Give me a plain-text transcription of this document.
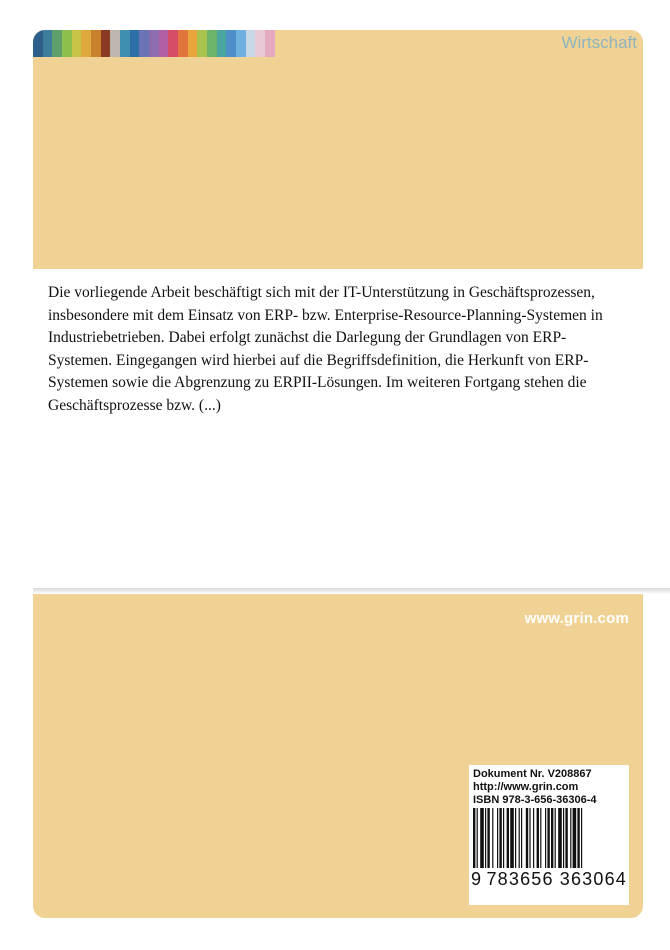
Wirtschaft

Die vorliegende Arbeit beschäftigt sich mit der IT-Unterstützung in Geschäftsprozessen, insbesondere mit dem Einsatz von ERP- bzw. Enterprise-Resource-Planning-Systemen in Industriebetrieben. Dabei erfolgt zunächst die Darlegung der Grundlagen von ERP-Systemen. Eingegangen wird hierbei auf die Begriffsdefinition, die Herkunft von ERP-Systemen sowie die Abgrenzung zu ERPII-Lösungen. Im weiteren Fortgang stehen die Geschäftsprozesse bzw. (...)

www.grin.com
Dokument Nr. V208867
http://www.grin.com
ISBN 978-3-656-36306-4
9 783656 363064
